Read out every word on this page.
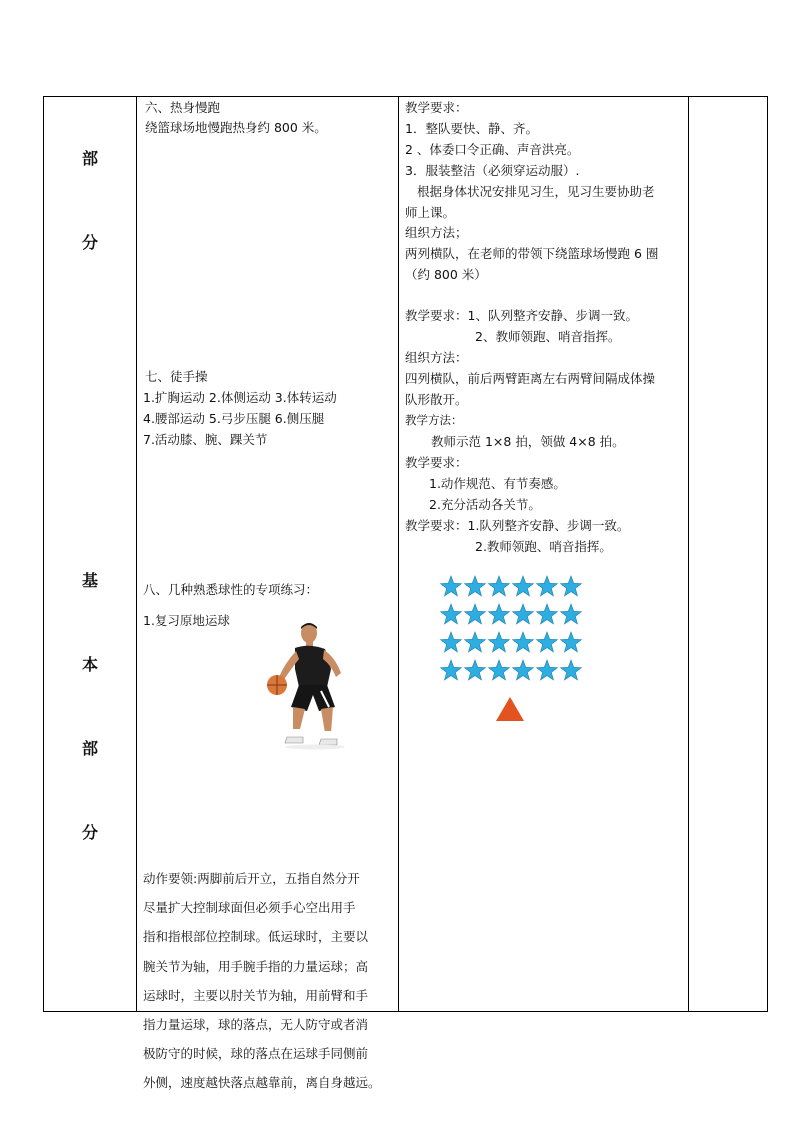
部
分
基
本
部
分

六、热身慢跑
绕篮球场地慢跑热身约 800 米。
七、徒手操
1.扩胸运动 2.体侧运动 3.体转运动
4.腰部运动 5.弓步压腿 6.侧压腿
7.活动膝、腕、踝关节
八、几种熟悉球性的专项练习：
1.复习原地运球
动作要领:两脚前后开立，五指自然分开
尽量扩大控制球面但必须手心空出用手
指和指根部位控制球。低运球时，主要以
腕关节为轴，用手腕手指的力量运球；高
运球时，主要以肘关节为轴，用前臂和手
指力量运球，球的落点，无人防守或者消
极防守的时候，球的落点在运球手同侧前
外侧，速度越快落点越靠前，离自身越远。

教学要求：
1．整队要快、静、齐。
2 、体委口令正确、声音洪亮。
3．服装整洁（必须穿运动服）.
根据身体状况安排见习生，见习生要协助老
师上课。
组织方法；
两列横队，在老师的带领下绕篮球场慢跑 6 圈
（约 800 米）
教学要求：1、队列整齐安静、步调一致。
2、教师领跑、哨音指挥。
组织方法：
四列横队，前后两臂距离左右两臂间隔成体操
队形散开。
教学方法：
教师示范 1×8 拍，领做 4×8 拍。
教学要求：
1.动作规范、有节奏感。
2.充分活动各关节。
教学要求：1.队列整齐安静、步调一致。
2.教师领跑、哨音指挥。
